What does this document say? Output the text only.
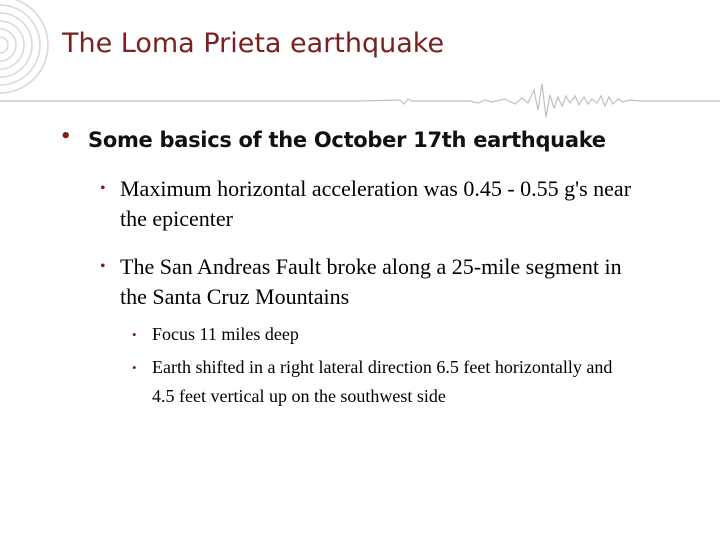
The Loma Prieta earthquake
• Some basics of the October 17th earthquake
• Maximum horizontal acceleration was 0.45 - 0.55 g's near the epicenter
• The San Andreas Fault broke along a 25-mile segment in the Santa Cruz Mountains
• Focus 11 miles deep
• Earth shifted in a right lateral direction 6.5 feet horizontally and 4.5 feet vertical up on the southwest side
